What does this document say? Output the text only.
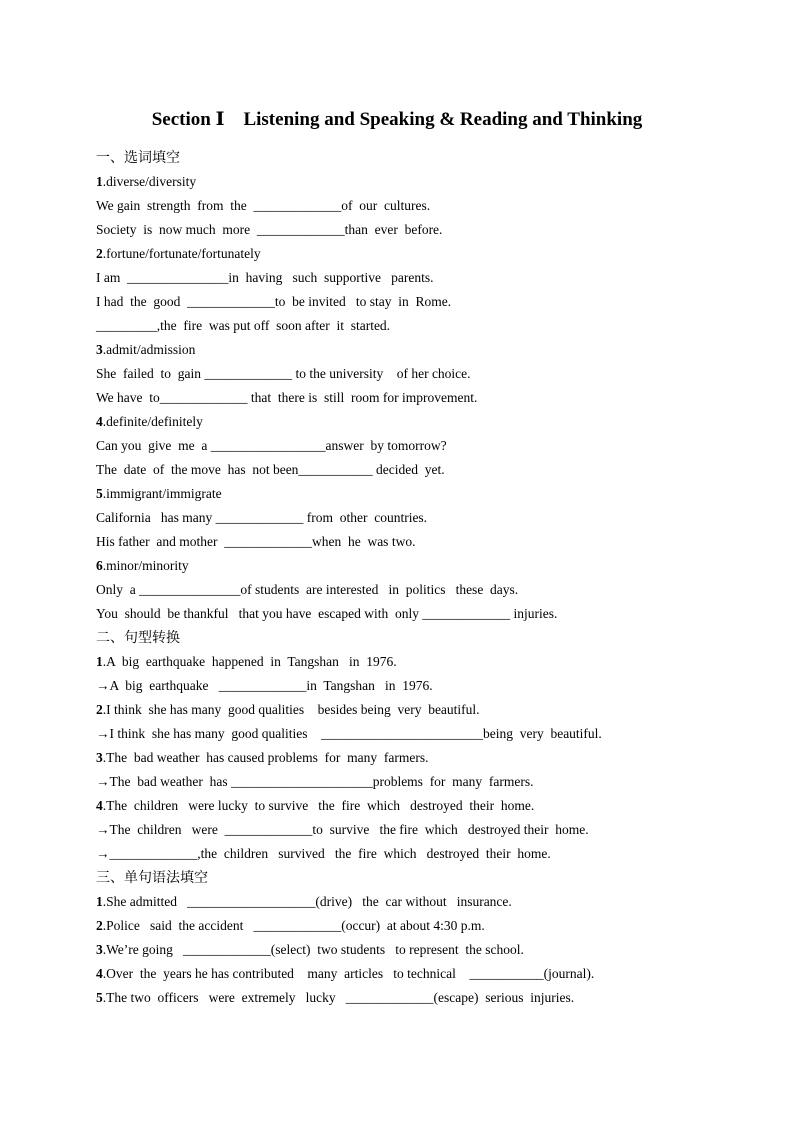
Section Ⅰ    Listening and Speaking & Reading and Thinking
一、选词填空
1.diverse/diversity
We gain  strength  from  the  _____________of  our  cultures.
Society  is  now much  more  _____________than  ever  before.
2.fortune/fortunate/fortunately
I am  _______________in  having   such  supportive   parents.
I had  the  good  _____________to  be invited   to stay  in  Rome.
_________,the  fire  was put off  soon after  it  started.
3.admit/admission
She  failed  to  gain _____________ to the university    of her choice.
We have  to_____________ that  there is  still  room for improvement.
4.definite/definitely
Can you  give  me  a _________________answer  by tomorrow?
The  date  of  the move  has  not been___________ decided  yet.
5.immigrant/immigrate
California   has many _____________ from  other  countries.
His father  and mother  _____________when  he  was two.
6.minor/minority
Only  a _______________of students  are interested   in  politics   these  days.
You  should  be thankful   that you have  escaped with  only _____________ injuries.
二、句型转换
1.A  big  earthquake  happened  in  Tangshan   in  1976.
→A  big  earthquake   _____________in  Tangshan   in  1976.
2.I think  she has many  good qualities    besides being  very  beautiful.
→I think  she has many  good qualities    ________________________being  very  beautiful.
3.The  bad weather  has caused problems  for  many  farmers.
→The  bad weather  has _____________________problems  for  many  farmers.
4.The  children   were lucky  to survive   the  fire  which   destroyed  their  home.
→The  children   were  _____________to  survive   the fire  which   destroyed their  home.
→_____________,the  children   survived   the  fire  which   destroyed  their  home.
三、单句语法填空
1.She admitted   ___________________(drive)   the  car without   insurance.
2.Police   said  the accident   _____________(occur)  at about 4:30 p.m.
3.We’re going   _____________(select)  two students   to represent  the school.
4.Over  the  years he has contributed    many  articles   to technical    ___________(journal).
5.The two  officers   were  extremely   lucky   _____________(escape)  serious  injuries.
